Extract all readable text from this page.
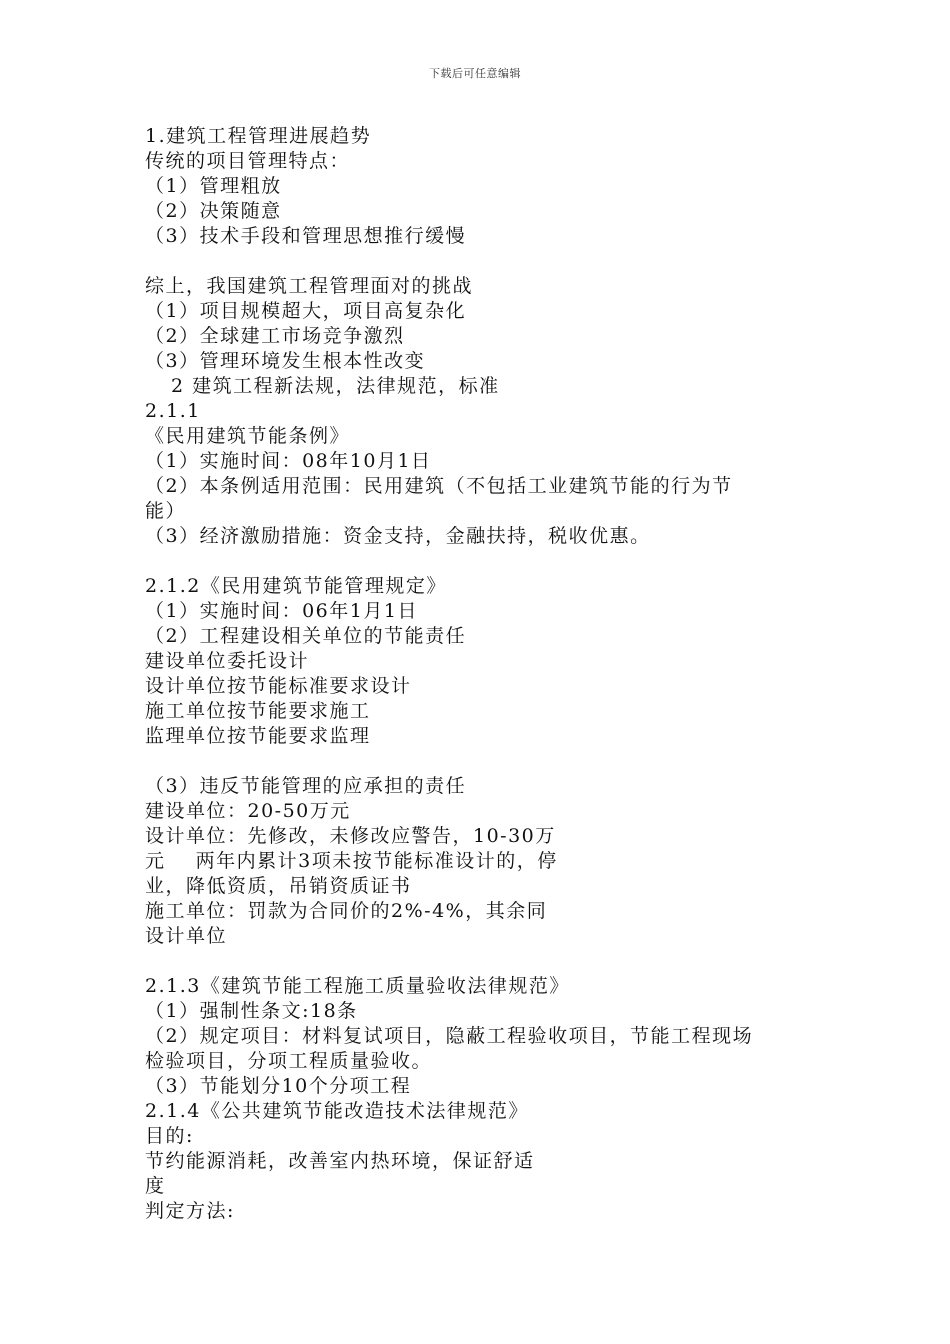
下载后可任意编辑
1.建筑工程管理进展趋势
传统的项目管理特点：
（1）管理粗放
（2）决策随意
（3）技术手段和管理思想推行缓慢
综上，我国建筑工程管理面对的挑战
（1）项目规模超大，项目高复杂化
（2）全球建工市场竞争激烈
（3）管理环境发生根本性改变
2 建筑工程新法规，法律规范，标准
2.1.1
《民用建筑节能条例》
（1）实施时间：08年10月1日
（2）本条例适用范围：民用建筑（不包括工业建筑节能的行为节
能）
（3）经济激励措施：资金支持，金融扶持，税收优惠。
2.1.2《民用建筑节能管理规定》
（1）实施时间：06年1月1日
（2）工程建设相关单位的节能责任
建设单位委托设计
设计单位按节能标准要求设计
施工单位按节能要求施工
监理单位按节能要求监理
（3）违反节能管理的应承担的责任
建设单位：20-50万元
设计单位：先修改，未修改应警告，10-30万
元    两年内累计3项未按节能标准设计的，停
业，降低资质，吊销资质证书
施工单位：罚款为合同价的2%-4%，其余同
设计单位
2.1.3《建筑节能工程施工质量验收法律规范》
（1）强制性条文:18条
（2）规定项目：材料复试项目，隐蔽工程验收项目，节能工程现场
检验项目，分项工程质量验收。
（3）节能划分10个分项工程
2.1.4《公共建筑节能改造技术法律规范》
目的:
节约能源消耗，改善室内热环境，保证舒适
度
判定方法:
